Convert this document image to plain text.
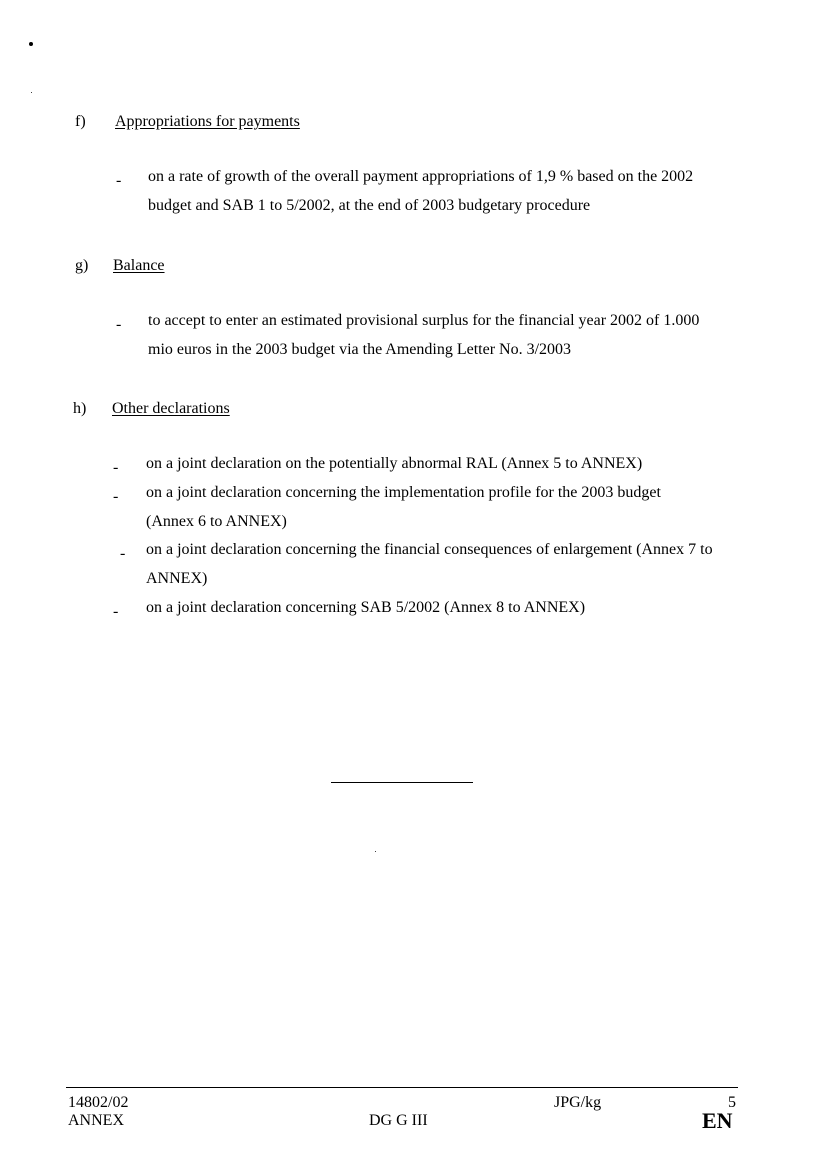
f) Appropriations for payments
- on a rate of growth of the overall payment appropriations of 1,9 % based on the 2002
budget and SAB 1 to 5/2002, at the end of 2003 budgetary procedure
g) Balance
- to accept to enter an estimated provisional surplus for the financial year 2002 of 1.000
mio euros in the 2003 budget via the Amending Letter No. 3/2003
h) Other declarations
- on a joint declaration on the potentially abnormal RAL (Annex 5 to ANNEX)
- on a joint declaration concerning the implementation profile for the 2003 budget
(Annex 6 to ANNEX)
- on a joint declaration concerning the financial consequences of enlargement (Annex 7 to
ANNEX)
- on a joint declaration concerning SAB 5/2002 (Annex 8 to ANNEX)
14802/02
ANNEX	DG G III
JPG/kg	5
EN
